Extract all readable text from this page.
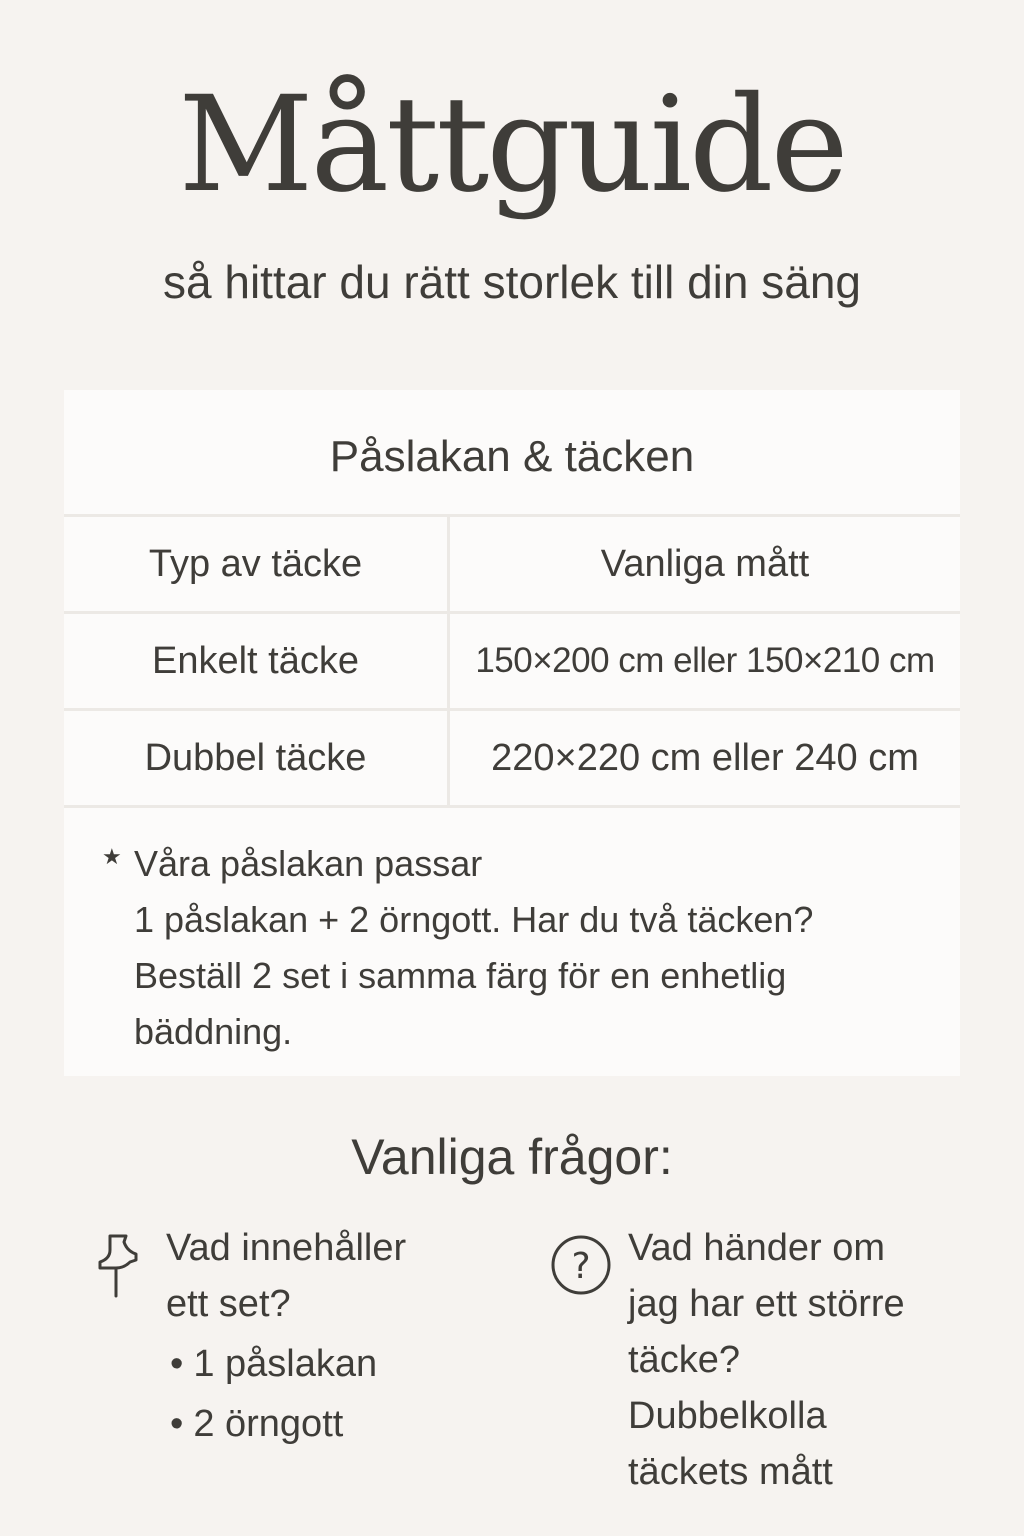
Måttguide

så hittar du rätt storlek till din säng

Påslakan & täcken
Typ av täcke	Vanliga mått
Enkelt täcke	150×200 cm eller 150×210 cm
Dubbel täcke	220×220 cm eller 240 cm
★ Våra påslakan passar
1 påslakan + 2 örngott. Har du två täcken?
Beställ 2 set i samma färg för en enhetlig
bäddning.
Vanliga frågor:
Vad innehåller
ett set?
• 1 påslakan
• 2 örngott
? Vad händer om
jag har ett större
täcke?
Dubbelkolla
täckets mått
